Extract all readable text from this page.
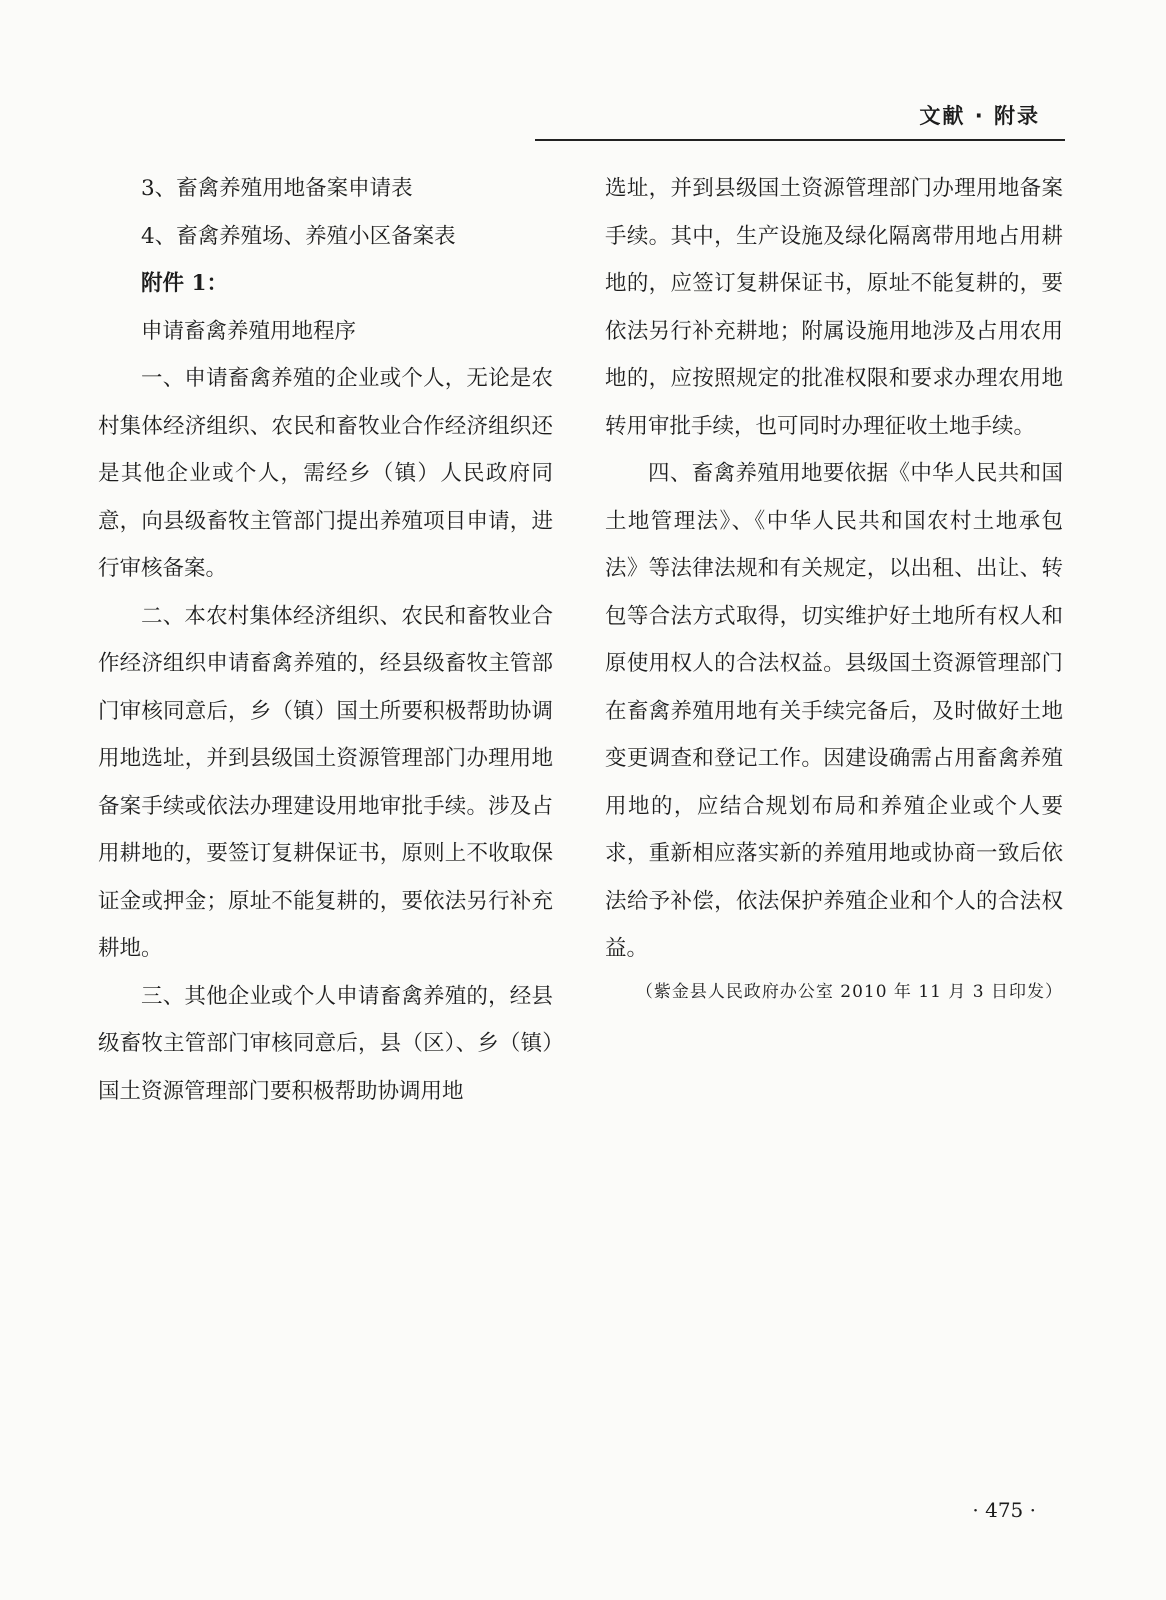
文献 · 附录

3、畜禽养殖用地备案申请表

4、畜禽养殖场、养殖小区备案表

附件 1：

申请畜禽养殖用地程序

一、申请畜禽养殖的企业或个人，无论是农村集体经济组织、农民和畜牧业合作经济组织还是其他企业或个人，需经乡（镇）人民政府同意，向县级畜牧主管部门提出养殖项目申请，进行审核备案。

二、本农村集体经济组织、农民和畜牧业合作经济组织申请畜禽养殖的，经县级畜牧主管部门审核同意后，乡（镇）国土所要积极帮助协调用地选址，并到县级国土资源管理部门办理用地备案手续或依法办理建设用地审批手续。涉及占用耕地的，要签订复耕保证书，原则上不收取保证金或押金；原址不能复耕的，要依法另行补充耕地。

三、其他企业或个人申请畜禽养殖的，经县级畜牧主管部门审核同意后，县（区）、乡（镇）国土资源管理部门要积极帮助协调用地

选址，并到县级国土资源管理部门办理用地备案手续。其中，生产设施及绿化隔离带用地占用耕地的，应签订复耕保证书，原址不能复耕的，要依法另行补充耕地；附属设施用地涉及占用农用地的，应按照规定的批准权限和要求办理农用地转用审批手续，也可同时办理征收土地手续。

四、畜禽养殖用地要依据《中华人民共和国土地管理法》、《中华人民共和国农村土地承包法》等法律法规和有关规定，以出租、出让、转包等合法方式取得，切实维护好土地所有权人和原使用权人的合法权益。县级国土资源管理部门在畜禽养殖用地有关手续完备后，及时做好土地变更调查和登记工作。因建设确需占用畜禽养殖用地的，应结合规划布局和养殖企业或个人要求，重新相应落实新的养殖用地或协商一致后依法给予补偿，依法保护养殖企业和个人的合法权益。

（紫金县人民政府办公室 2010 年 11 月 3 日印发）

· 475 ·
